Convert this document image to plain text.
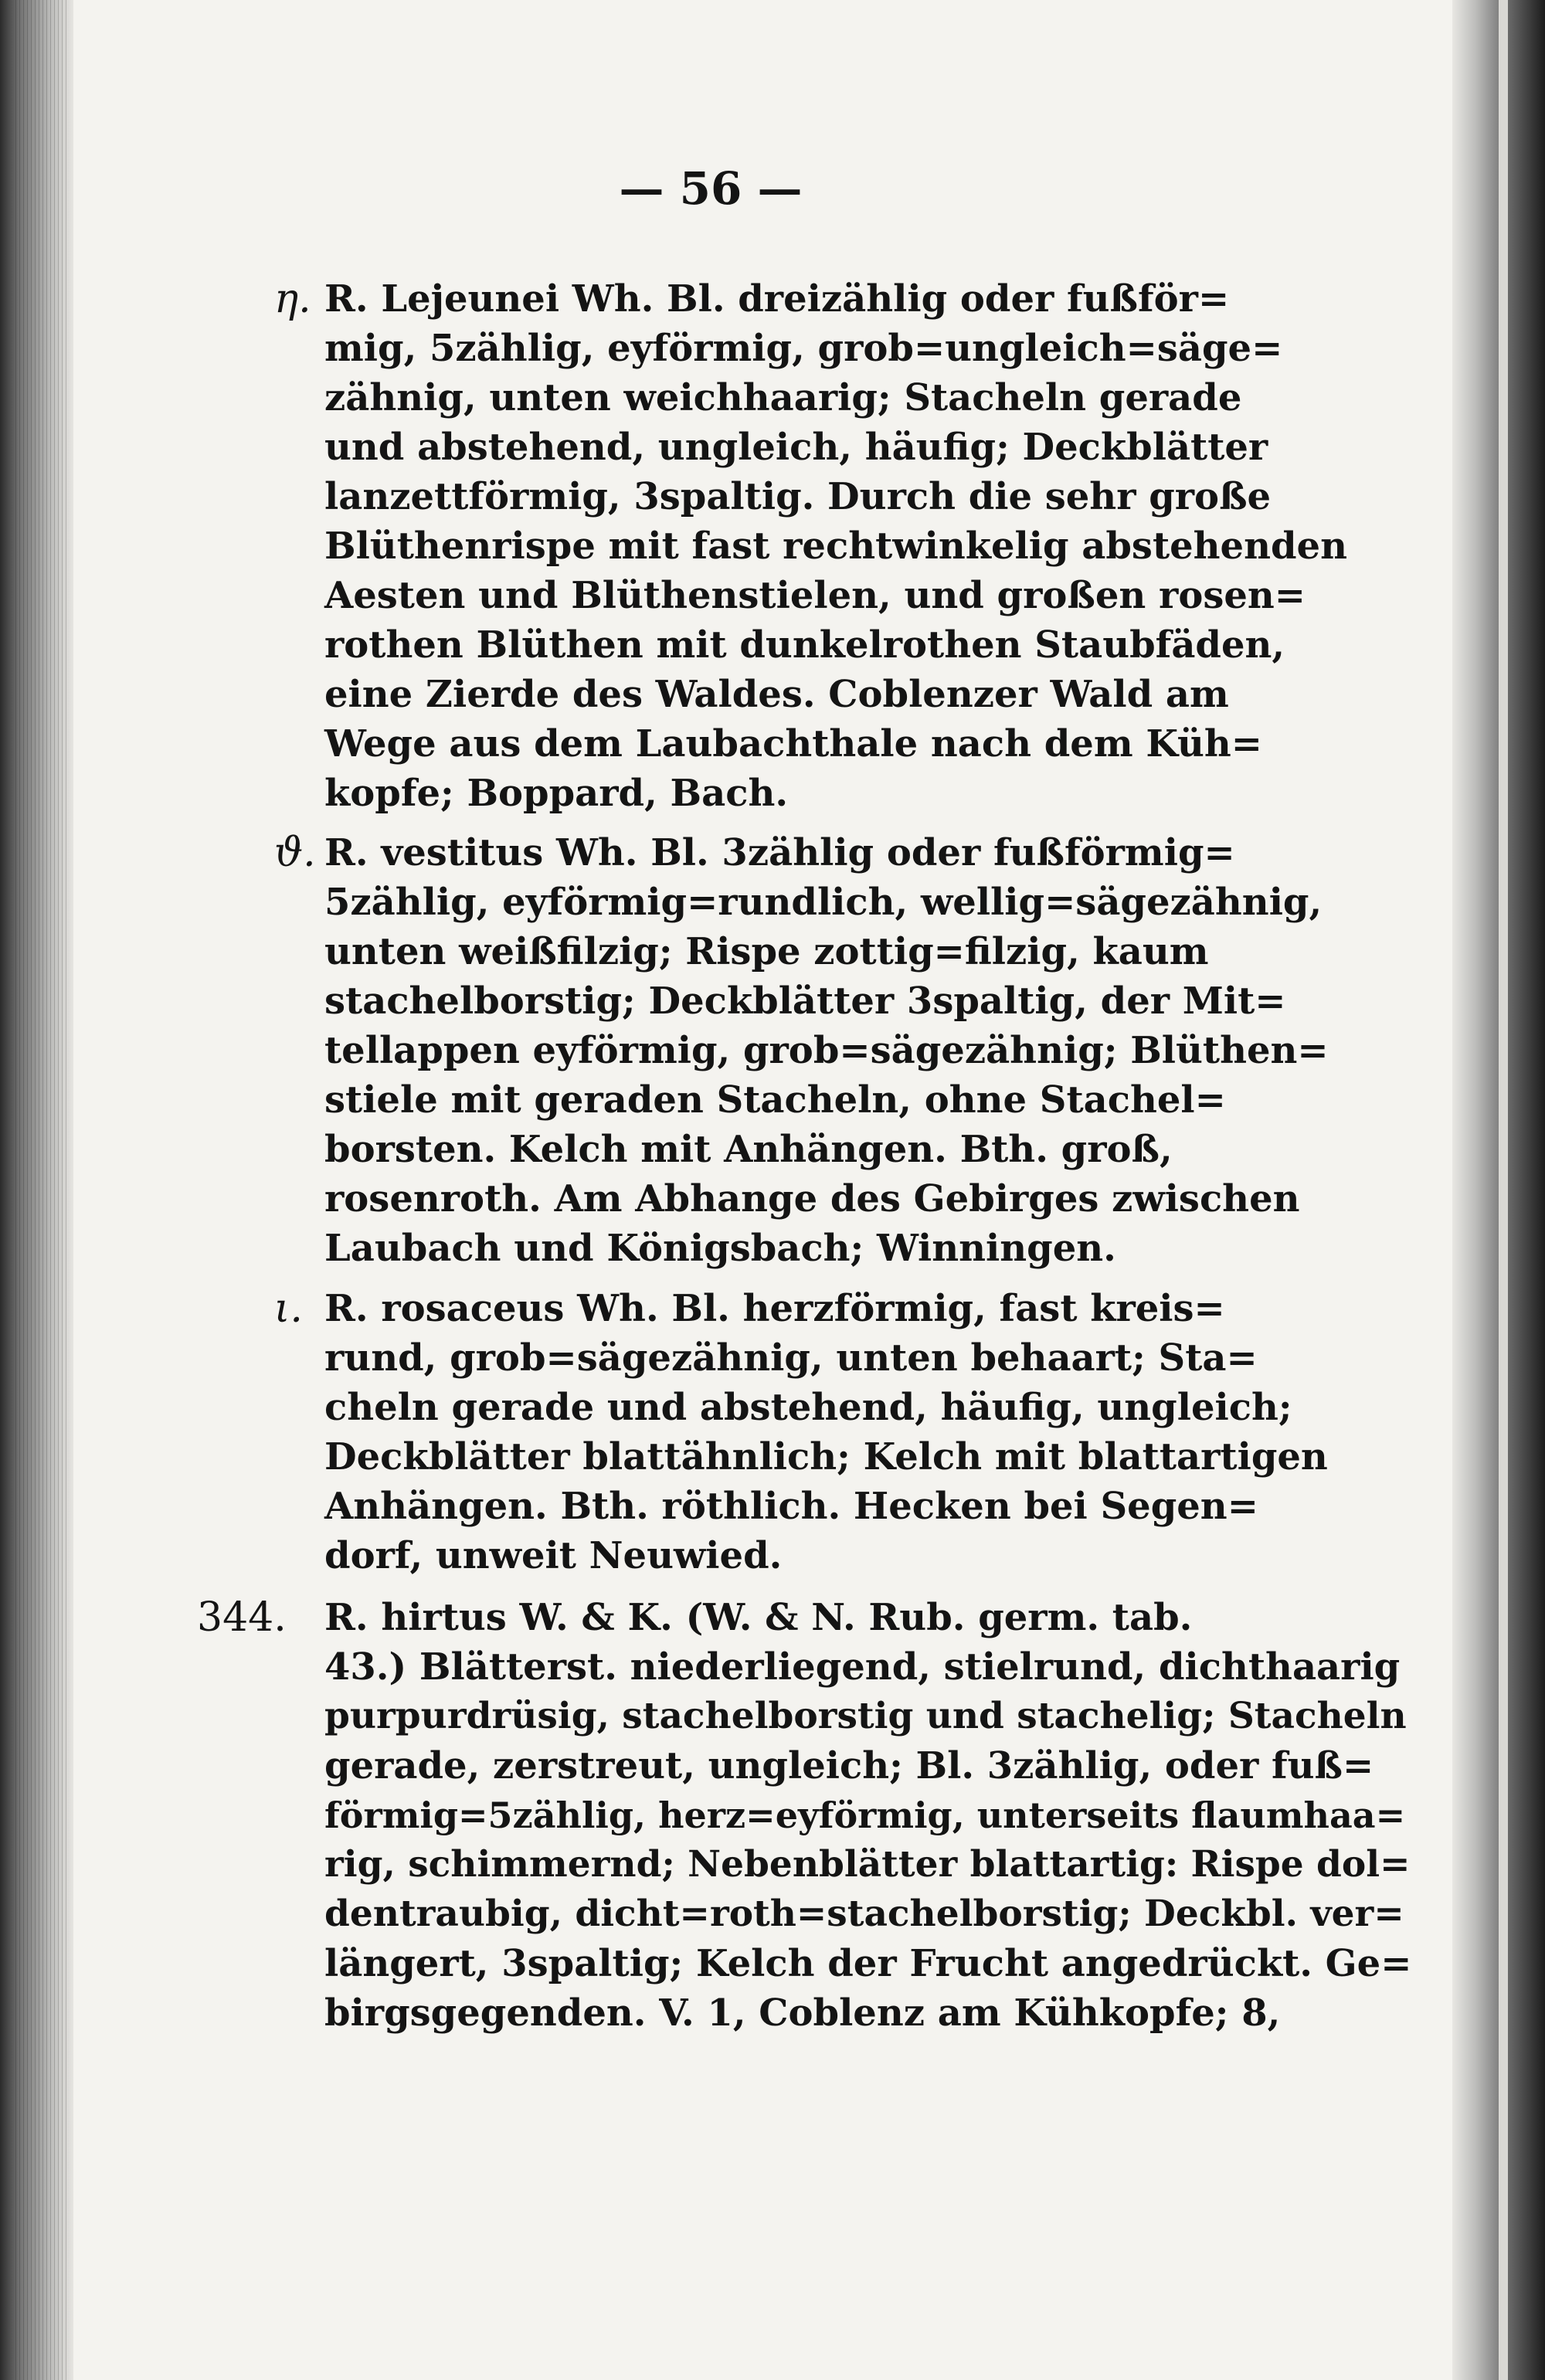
— 56 —
η. R. Lejeunei Wh. Bl. dreizählig oder fußför=
mig, 5zählig, eyförmig, grob=ungleich=säge=
zähnig, unten weichhaarig; Stacheln gerade
und abstehend, ungleich, häufig; Deckblätter
lanzettförmig, 3spaltig. Durch die sehr große
Blüthenrispe mit fast rechtwinkelig abstehenden
Aesten und Blüthenstielen, und großen rosen=
rothen Blüthen mit dunkelrothen Staubfäden,
eine Zierde des Waldes. Coblenzer Wald am
Wege aus dem Laubachthale nach dem Küh=
kopfe; Boppard, Bach.
ϑ. R. vestitus Wh. Bl. 3zählig oder fußförmig=
5zählig, eyförmig=rundlich, wellig=sägezähnig,
unten weißfilzig; Rispe zottig=filzig, kaum
stachelborstig; Deckblätter 3spaltig, der Mit=
tellappen eyförmig, grob=sägezähnig; Blüthen=
stiele mit geraden Stacheln, ohne Stachel=
borsten. Kelch mit Anhängen. Bth. groß,
rosenroth. Am Abhange des Gebirges zwischen
Laubach und Königsbach; Winningen.
ι. R. rosaceus Wh. Bl. herzförmig, fast kreis=
rund, grob=sägezähnig, unten behaart; Sta=
cheln gerade und abstehend, häufig, ungleich;
Deckblätter blattähnlich; Kelch mit blattartigen
Anhängen. Bth. röthlich. Hecken bei Segen=
dorf, unweit Neuwied.
344. R. hirtus W. & K. (W. & N. Rub. germ. tab.
43.) Blätterst. niederliegend, stielrund, dichthaarig
purpurdrüsig, stachelborstig und stachelig; Stacheln
gerade, zerstreut, ungleich; Bl. 3zählig, oder fuß=
förmig=5zählig, herz=eyförmig, unterseits flaumhaa=
rig, schimmernd; Nebenblätter blattartig: Rispe dol=
dentraubig, dicht=roth=stachelborstig; Deckbl. ver=
längert, 3spaltig; Kelch der Frucht angedrückt. Ge=
birgsgegenden. V. 1, Coblenz am Kühkopfe; 8,
